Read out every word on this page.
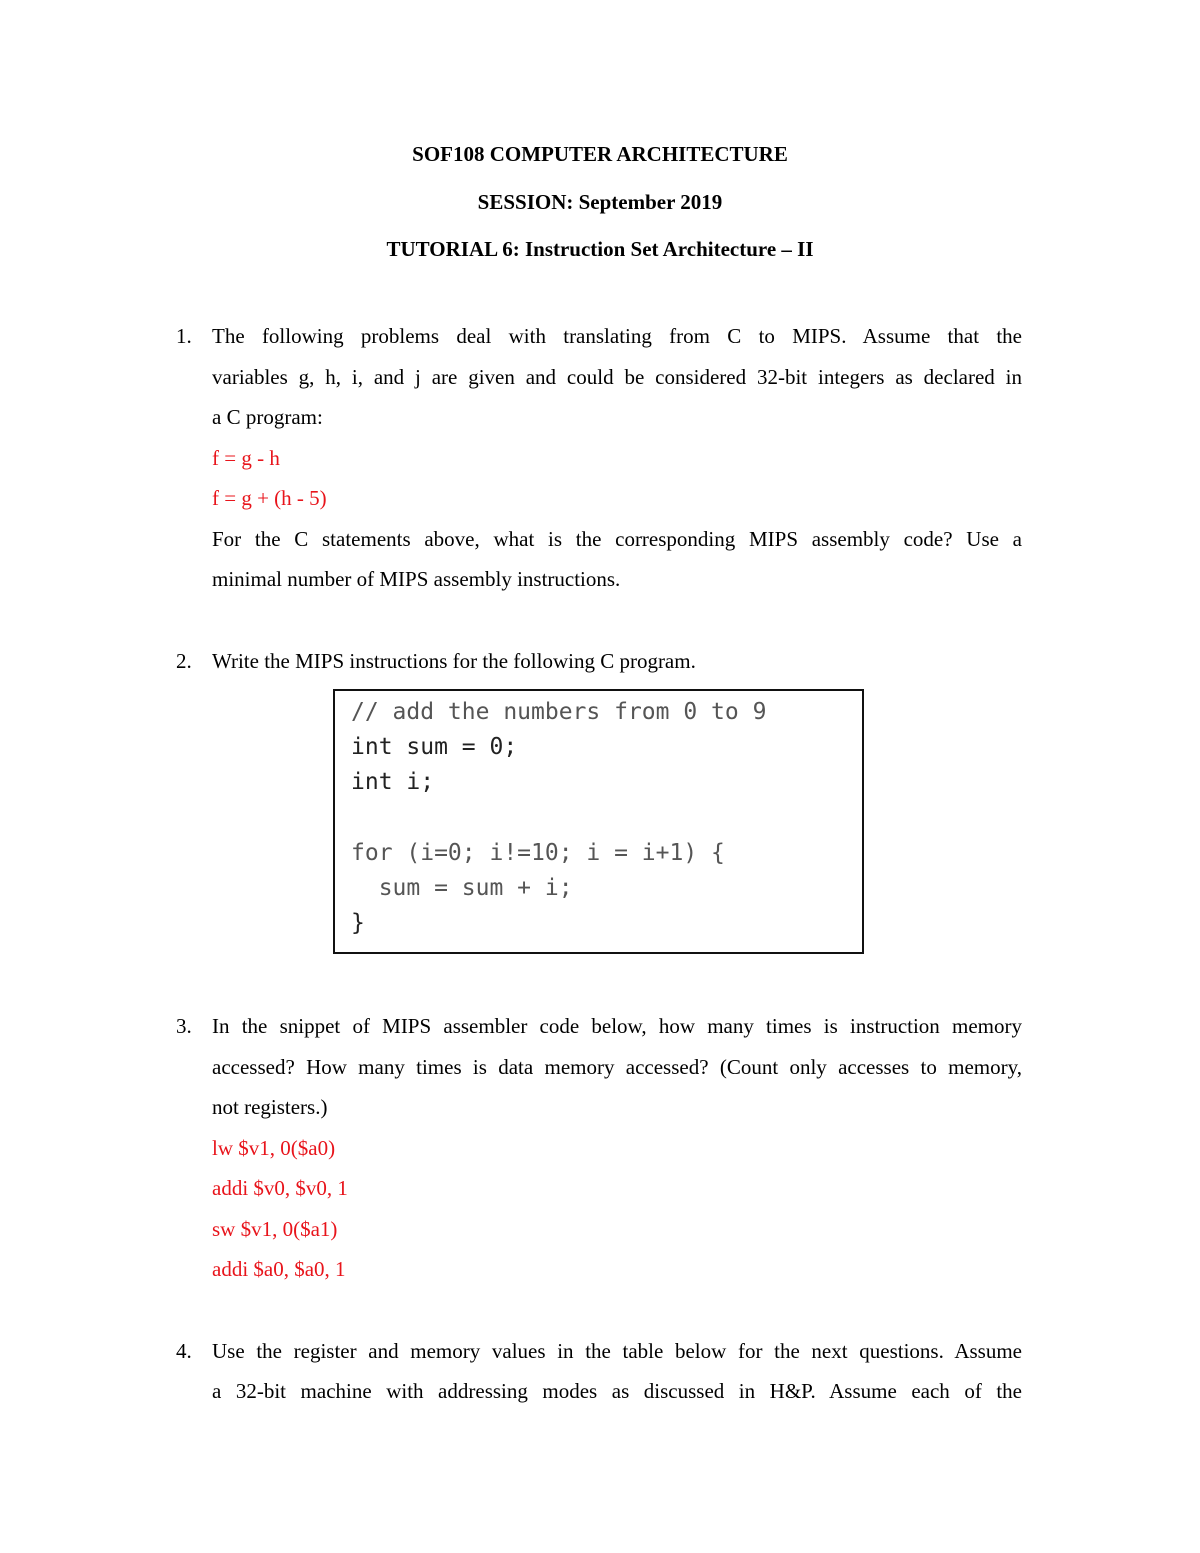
SOF108 COMPUTER ARCHITECTURE

SESSION: September 2019

TUTORIAL 6: Instruction Set Architecture – II

1. The following problems deal with translating from C to MIPS. Assume that the

variables g, h, i, and j are given and could be considered 32-bit integers as declared in

a C program:

f = g - h

f = g + (h - 5)

For the C statements above, what is the corresponding MIPS assembly code? Use a

minimal number of MIPS assembly instructions.

2. Write the MIPS instructions for the following C program.

// add the numbers from 0 to 9

int sum = 0;

int i;

for (i=0; i!=10; i = i+1) {

sum = sum + i;

}

3. In the snippet of MIPS assembler code below, how many times is instruction memory

accessed? How many times is data memory accessed? (Count only accesses to memory,

not registers.)

lw $v1, 0($a0)

addi $v0, $v0, 1

sw $v1, 0($a1)

addi $a0, $a0, 1

4. Use the register and memory values in the table below for the next questions. Assume

a 32-bit machine with addressing modes as discussed in H&P. Assume each of the
